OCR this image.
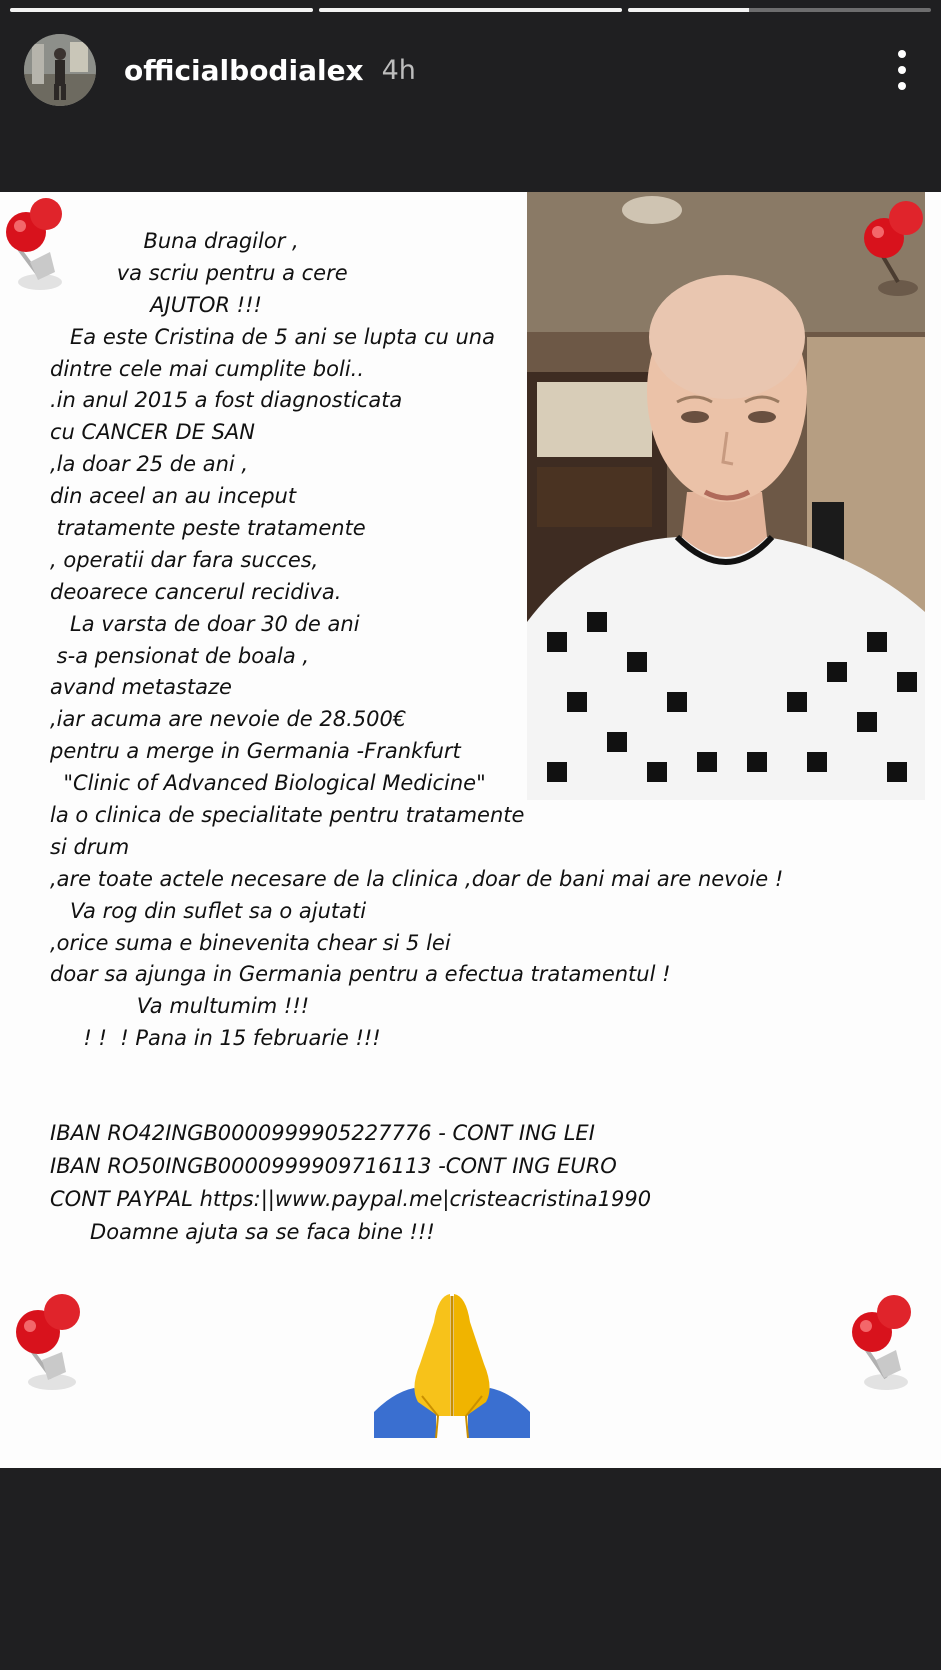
officialbodialex 4h
Buna dragilor ,
va scriu pentru a cere
AJUTOR !!!
Ea este Cristina de 5 ani se lupta cu una
dintre cele mai cumplite boli..
.in anul 2015 a fost diagnosticata
cu CANCER DE SAN
,la doar 25 de ani ,
din aceel an au inceput
tratamente peste tratamente
, operatii dar fara succes,
deoarece cancerul recidiva.
La varsta de doar 30 de ani
s-a pensionat de boala ,
avand metastaze
,iar acuma are nevoie de 28.500€
pentru a merge in Germania -Frankfurt
"Clinic of Advanced Biological Medicine"
la o clinica de specialitate pentru tratamente
si drum
,are toate actele necesare de la clinica ,doar de bani mai are nevoie !
Va rog din suflet sa o ajutati
,orice suma e binevenita chear si 5 lei
doar sa ajunga in Germania pentru a efectua tratamentul !
Va multumim !!!
! !  ! Pana in 15 februarie !!!
IBAN RO42INGB0000999905227776 - CONT ING LEI
IBAN RO50INGB0000999909716113 -CONT ING EURO
CONT PAYPAL https:||www.paypal.me|cristeacristina1990
Doamne ajuta sa se faca bine !!!
